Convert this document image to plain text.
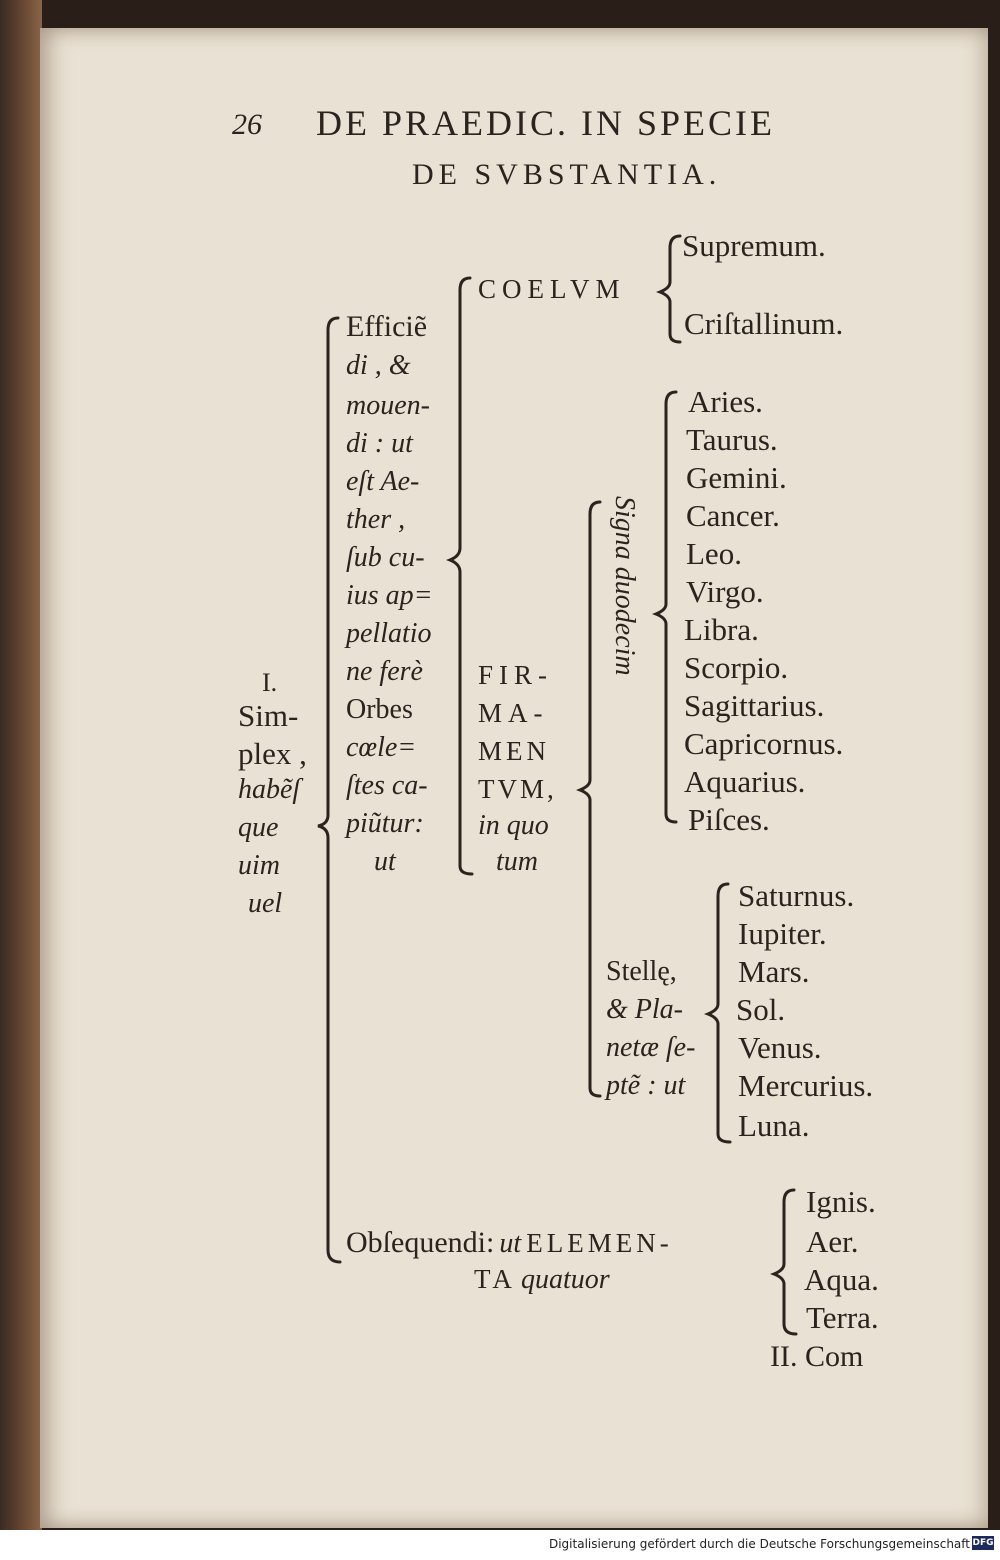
26 DE PRAEDIC. IN SPECIE
DE SVBSTANTIA.
I.
Sim-
plex ,
habẽſ
que
uim
uel
Efficiẽ
di , &
mouen-
di : ut
eſt Ae-
ther ,
ſub cu-
ius ap=
pellatio
ne ferè
Orbes
cœle=
ſtes ca-
piũtur:
ut
COELVM
Supremum.
Criſtallinum.
FIR-
MA-
MEN
TVM,
in quo
tum
Signa duodecim
Aries.
Taurus.
Gemini.
Cancer.
Leo.
Virgo.
Libra.
Scorpio.
Sagittarius.
Capricornus.
Aquarius.
Piſces.
Stellę,
& Pla-
netæ ſe-
ptẽ : ut
Saturnus.
Iupiter.
Mars.
Sol.
Venus.
Mercurius.
Luna.
Obſequendi: ut ELEMEN-
TA quatuor
Ignis.
Aer.
Aqua.
Terra.
II. Com
Digitalisierung gefördert durch die Deutsche Forschungsgemeinschaft DFG
